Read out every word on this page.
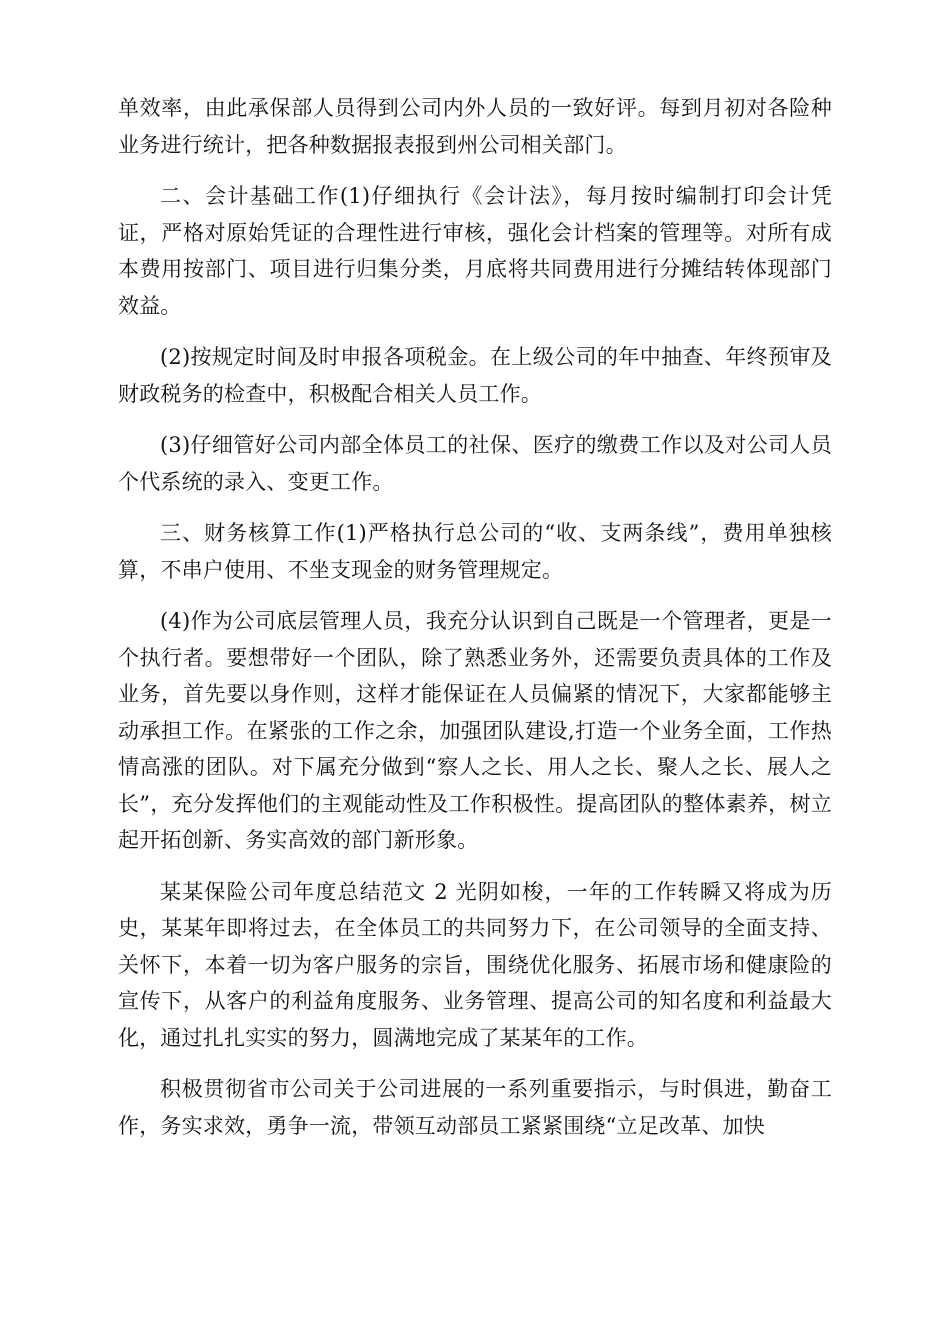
单效率，由此承保部人员得到公司内外人员的一致好评。每到月初对各险种业务进行统计，把各种数据报表报到州公司相关部门。

二、会计基础工作(1)仔细执行《会计法》，每月按时编制打印会计凭证，严格对原始凭证的合理性进行审核，强化会计档案的管理等。对所有成本费用按部门、项目进行归集分类，月底将共同费用进行分摊结转体现部门效益。

(2)按规定时间及时申报各项税金。在上级公司的年中抽查、年终预审及财政税务的检查中，积极配合相关人员工作。

(3)仔细管好公司内部全体员工的社保、医疗的缴费工作以及对公司人员个代系统的录入、变更工作。

三、财务核算工作(1)严格执行总公司的“收、支两条线”，费用单独核算，不串户使用、不坐支现金的财务管理规定。

(4)作为公司底层管理人员，我充分认识到自己既是一个管理者，更是一个执行者。要想带好一个团队，除了熟悉业务外，还需要负责具体的工作及业务，首先要以身作则，这样才能保证在人员偏紧的情况下，大家都能够主动承担工作。在紧张的工作之余，加强团队建设,打造一个业务全面，工作热情高涨的团队。对下属充分做到“察人之长、用人之长、聚人之长、展人之长”，充分发挥他们的主观能动性及工作积极性。提高团队的整体素养，树立起开拓创新、务实高效的部门新形象。

某某保险公司年度总结范文 2 光阴如梭，一年的工作转瞬又将成为历史，某某年即将过去，在全体员工的共同努力下，在公司领导的全面支持、关怀下，本着一切为客户服务的宗旨，围绕优化服务、拓展市场和健康险的宣传下，从客户的利益角度服务、业务管理、提高公司的知名度和利益最大化，通过扎扎实实的努力，圆满地完成了某某年的工作。

积极贯彻省市公司关于公司进展的一系列重要指示，与时俱进，勤奋工作，务实求效，勇争一流，带领互动部员工紧紧围绕“立足改革、加快
